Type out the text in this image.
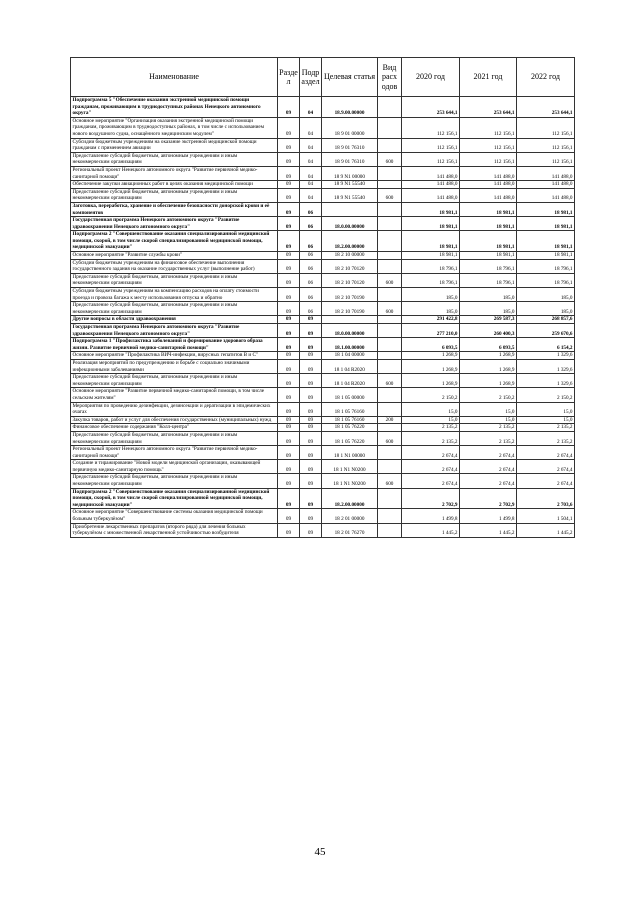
Наименование	Разде л	Подр аздел	Целевая статья	Вид расх одов	2020 год	2021 год	2022 год
Подпрограмма 5 "Обеспечение оказания экстренной медицинской помощи гражданам, проживающим в труднодоступных районах Ненецкого автономного округа"	09	04	18.9.00.00000		253 644,1	253 644,1	253 644,1
Основное мероприятие "Организация оказания экстренной медицинской помощи гражданам, проживающим в труднодоступных районах, в том числе с использованием нового воздушного судна, оснащённого медицинским модулем"	09	04	18 9 01 00000		112 156,1	112 156,1	112 156,1
Субсидии бюджетным учреждениям на оказание экстренной медицинской помощи гражданам с применением авиации	09	04	18 9 01 76310		112 156,1	112 156,1	112 156,1
Предоставление субсидий бюджетным, автономным учреждениям и иным некоммерческим организациям	09	04	18 9 01 76310	600	112 156,1	112 156,1	112 156,1
Региональный проект Ненецкого автономного округа "Развитие первичной медико-санитарной помощи"	09	04	18 9 N1 00000		141 488,0	141 488,0	141 488,0
Обеспечение закупки авиационных работ в целях оказания медицинской помощи	09	04	18 9 N1 55540		141 488,0	141 488,0	141 488,0
Предоставление субсидий бюджетным, автономным учреждениям и иным некоммерческим организациям	09	04	18 9 N1 55540	600	141 488,0	141 488,0	141 488,0
Заготовка, переработка, хранение и обеспечение безопасности донорской крови и её компонентов	09	06			18 981,1	18 981,1	18 981,1
Государственная программа Ненецкого автономного округа "Развитие здравоохранения Ненецкого автономного округа"	09	06	18.0.00.00000		18 981,1	18 981,1	18 981,1
Подпрограмма 2 "Совершенствование оказания специализированной медицинской помощи, скорой, в том числе скорой специализированной медицинской помощи, медицинской эвакуации"	09	06	18.2.00.00000		18 981,1	18 981,1	18 981,1
Основное мероприятие "Развитие службы крови"	09	06	18 2 10 00000		18 981,1	18 981,1	18 981,1
Субсидии бюджетным учреждениям на финансовое обеспечение выполнения государственного задания на оказание государственных услуг (выполнение работ)	09	06	18 2 10 70120		18 796,1	18 796,1	18 796,1
Предоставление субсидий бюджетным, автономным учреждениям и иным некоммерческим организациям	09	06	18 2 10 70120	600	18 796,1	18 796,1	18 796,1
Субсидии бюджетным учреждениям на компенсацию расходов на оплату стоимости проезда и провоза багажа к месту использования отпуска и обратно	09	06	18 2 10 70190		185,0	185,0	185,0
Предоставление субсидий бюджетным, автономным учреждениям и иным некоммерческим организациям	09	06	18 2 10 70190	600	185,0	185,0	185,0
Другие вопросы в области здравоохранения	09	09			291 422,8	269 587,3	268 857,6
Государственная программа Ненецкого автономного округа "Развитие здравоохранения Ненецкого автономного округа"	09	09	18.0.00.00000		277 210,0	260 400,3	259 670,6
Подпрограмма 1 "Профилактика заболеваний и формирование здорового образа жизни. Развитие первичной медико-санитарной помощи"	09	09	18.1.00.00000		6 093,5	6 093,5	6 154,2
Основное мероприятие "Профилактика ВИЧ-инфекции, вирусных гепатитов В и С"	09	09	18 1 04 00000		1 268,9	1 268,9	1 329,6
Реализация мероприятий по предупреждению и борьбе с социально значимыми инфекционными заболеваниями	09	09	18 1 04 R2020		1 268,9	1 268,9	1 329,6
Предоставление субсидий бюджетным, автономным учреждениям и иным некоммерческим организациям	09	09	18 1 04 R2020	600	1 268,9	1 268,9	1 329,6
Основное мероприятие "Развитие первичной медико-санитарной помощи, в том числе сельским жителям"	09	09	18 1 05 00000		2 150,2	2 150,2	2 150,2
Мероприятия по проведению дезинфекции, дезинсекции и дератизации в эпидемических очагах	09	09	18 1 05 76160		15,0	15,0	15,0
Закупка товаров, работ и услуг для обеспечения государственных (муниципальных) нужд	09	09	18 1 05 76160	200	15,0	15,0	15,0
Финансовое обеспечение содержания "Колл-центра"	09	09	18 1 05 76220		2 135,2	2 135,2	2 135,2
Предоставление субсидий бюджетным, автономным учреждениям и иным некоммерческим организациям	09	09	18 1 05 76220	600	2 135,2	2 135,2	2 135,2
Региональный проект Ненецкого автономного округа "Развитие первичной медико-санитарной помощи"	09	09	18 1 N1 00000		2 674,4	2 674,4	2 674,4
Создание и тиражирование "Новой модели медицинской организации, оказывающей первичную медико-санитарную помощь"	09	09	18 1 N1 N0200		2 674,4	2 674,4	2 674,4
Предоставление субсидий бюджетным, автономным учреждениям и иным некоммерческим организациям	09	09	18 1 N1 N0200	600	2 674,4	2 674,4	2 674,4
Подпрограмма 2 "Совершенствование оказания специализированной медицинской помощи, скорой, в том числе скорой специализированной медицинской помощи, медицинской эвакуации"	09	09	18.2.00.00000		2 702,9	2 702,9	2 703,6
Основное мероприятие "Совершенствование системы оказания медицинской помощи больным туберкулёзом"	09	09	18 2 01 00000		1 499,8	1 499,8	1 504,1
Приобретение лекарственных препаратов (второго ряда) для лечения больных туберкулёзом с множественной лекарственной устойчивостью возбудителя	09	09	18 2 01 76270		1 445,2	1 445,2	1 445,2
45
